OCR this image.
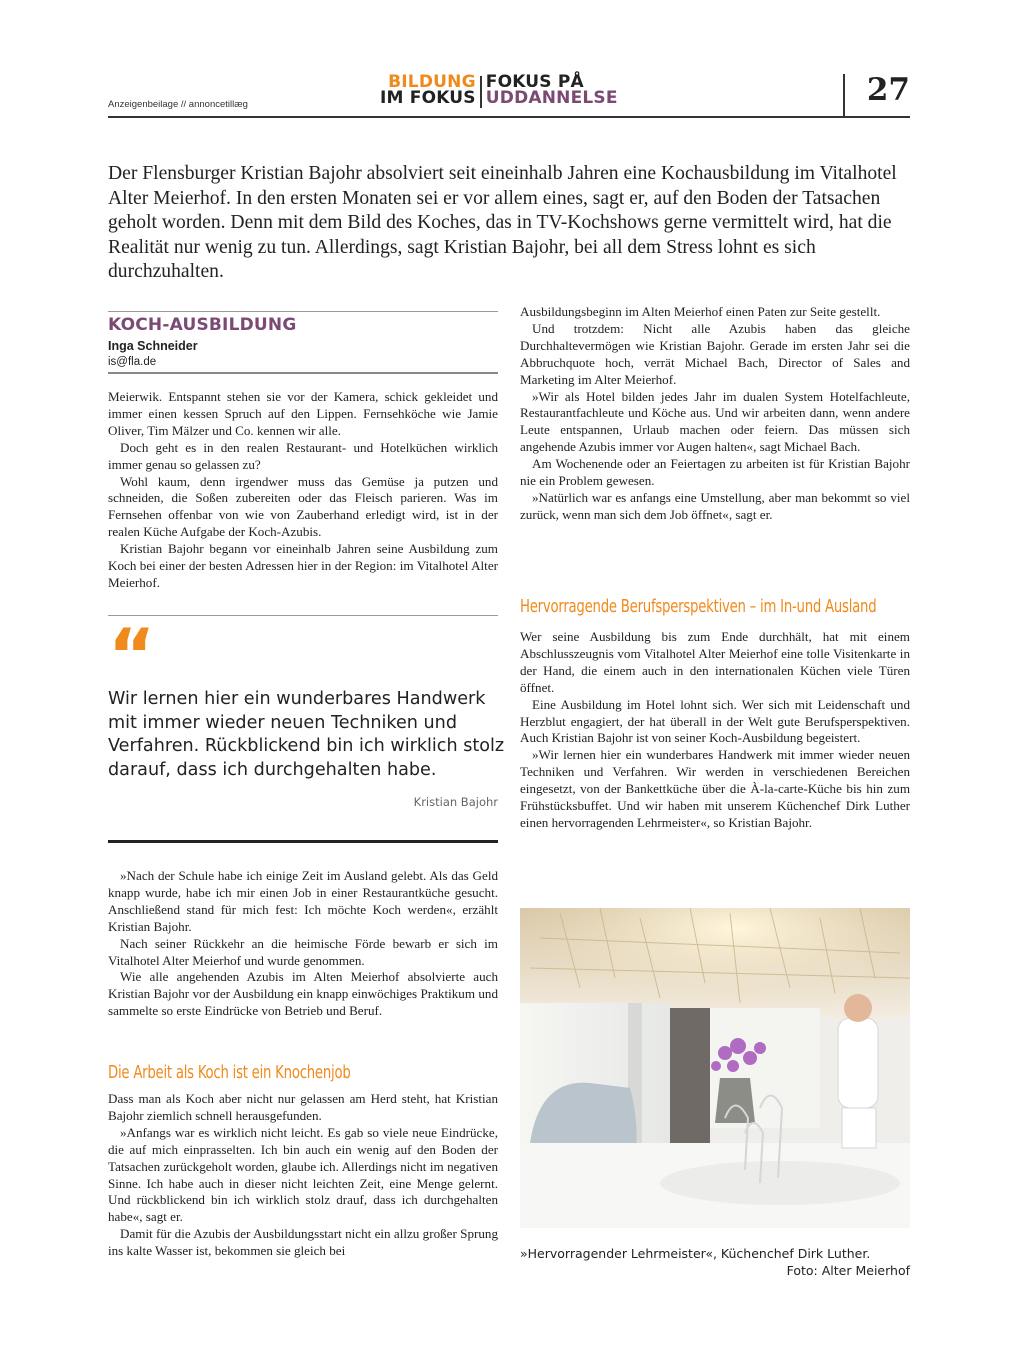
Anzeigenbeilage // annoncetillæg
BILDUNG
IM FOKUSFOKUS PÅ
UDDANNELSE	27
Der Flensburger Kristian Bajohr absolviert seit eineinhalb Jahren eine Kochausbildung im Vitalhotel Alter Meierhof. In den ersten Monaten sei er vor allem eines, sagt er, auf den Boden der Tatsachen geholt worden. Denn mit dem Bild des Koches, das in TV-Kochshows gerne vermittelt wird, hat die Realität nur wenig zu tun. Allerdings, sagt Kristian Bajohr, bei all dem Stress lohnt es sich durchzuhalten.
KOCH-AUSBILDUNG
Inga Schneider
is@fla.de

Meierwik. Entspannt stehen sie vor der Kamera, schick gekleidet und immer einen kessen Spruch auf den Lippen. Fernsehköche wie Jamie Oliver, Tim Mälzer und Co. kennen wir alle.

Doch geht es in den realen Restaurant- und Hotelküchen wirklich immer genau so gelassen zu?

Wohl kaum, denn irgendwer muss das Gemüse ja putzen und schneiden, die Soßen zubereiten oder das Fleisch parieren. Was im Fernsehen offenbar von wie von Zauberhand erledigt wird, ist in der realen Küche Aufgabe der Koch-Azubis.

Kristian Bajohr begann vor eineinhalb Jahren seine Ausbildung zum Koch bei einer der besten Adressen hier in der Region: im Vitalhotel Alter Meierhof.

“
Wir lernen hier ein wunderbares Handwerk mit immer wieder neuen Techniken und Verfahren. Rückblickend bin ich wirklich stolz darauf, dass ich durchgehalten habe.
Kristian Bajohr

»Nach der Schule habe ich einige Zeit im Ausland gelebt. Als das Geld knapp wurde, habe ich mir einen Job in einer Restaurantküche gesucht. Anschließend stand für mich fest: Ich möchte Koch werden«, erzählt Kristian Bajohr.

Nach seiner Rückkehr an die heimische Förde bewarb er sich im Vitalhotel Alter Meierhof und wurde genommen.

Wie alle angehenden Azubis im Alten Meierhof absolvierte auch Kristian Bajohr vor der Ausbildung ein knapp einwöchiges Praktikum und sammelte so erste Eindrücke von Betrieb und Beruf.

Die Arbeit als Koch ist ein Knochenjob

Dass man als Koch aber nicht nur gelassen am Herd steht, hat Kristian Bajohr ziemlich schnell herausgefunden.

»Anfangs war es wirklich nicht leicht. Es gab so viele neue Eindrücke, die auf mich einprasselten. Ich bin auch ein wenig auf den Boden der Tatsachen zurückgeholt worden, glaube ich. Allerdings nicht im negativen Sinne. Ich habe auch in dieser nicht leichten Zeit, eine Menge gelernt. Und rückblickend bin ich wirklich stolz drauf, dass ich durchgehalten habe«, sagt er.

Damit für die Azubis der Ausbildungsstart nicht ein allzu großer Sprung ins kalte Wasser ist, bekommen sie gleich bei

Ausbildungsbeginn im Alten Meierhof einen Paten zur Seite gestellt.

Und trotzdem: Nicht alle Azubis haben das gleiche Durchhaltevermögen wie Kristian Bajohr. Gerade im ersten Jahr sei die Abbruchquote hoch, verrät Michael Bach, Director of Sales and Marketing im Alter Meierhof.

»Wir als Hotel bilden jedes Jahr im dualen System Hotelfachleute, Restaurantfachleute und Köche aus. Und wir arbeiten dann, wenn andere Leute entspannen, Urlaub machen oder feiern. Das müssen sich angehende Azubis immer vor Augen halten«, sagt Michael Bach.

Am Wochenende oder an Feiertagen zu arbeiten ist für Kristian Bajohr nie ein Problem gewesen.

»Natürlich war es anfangs eine Umstellung, aber man bekommt so viel zurück, wenn man sich dem Job öffnet«, sagt er.

Hervorragende Berufsperspektiven – im In-und Ausland

Wer seine Ausbildung bis zum Ende durchhält, hat mit einem Abschlusszeugnis vom Vitalhotel Alter Meierhof eine tolle Visitenkarte in der Hand, die einem auch in den internationalen Küchen viele Türen öffnet.

Eine Ausbildung im Hotel lohnt sich. Wer sich mit Leidenschaft und Herzblut engagiert, der hat überall in der Welt gute Berufsperspektiven. Auch Kristian Bajohr ist von seiner Koch-Ausbildung begeistert.

»Wir lernen hier ein wunderbares Handwerk mit immer wieder neuen Techniken und Verfahren. Wir werden in verschiedenen Bereichen eingesetzt, von der Bankettküche über die À-la-carte-Küche bis hin zum Frühstücksbuffet. Und wir haben mit unserem Küchenchef Dirk Luther einen hervorragenden Lehrmeister«, so Kristian Bajohr.

»Hervorragender Lehrmeister«, Küchenchef Dirk Luther.
Foto: Alter Meierhof
